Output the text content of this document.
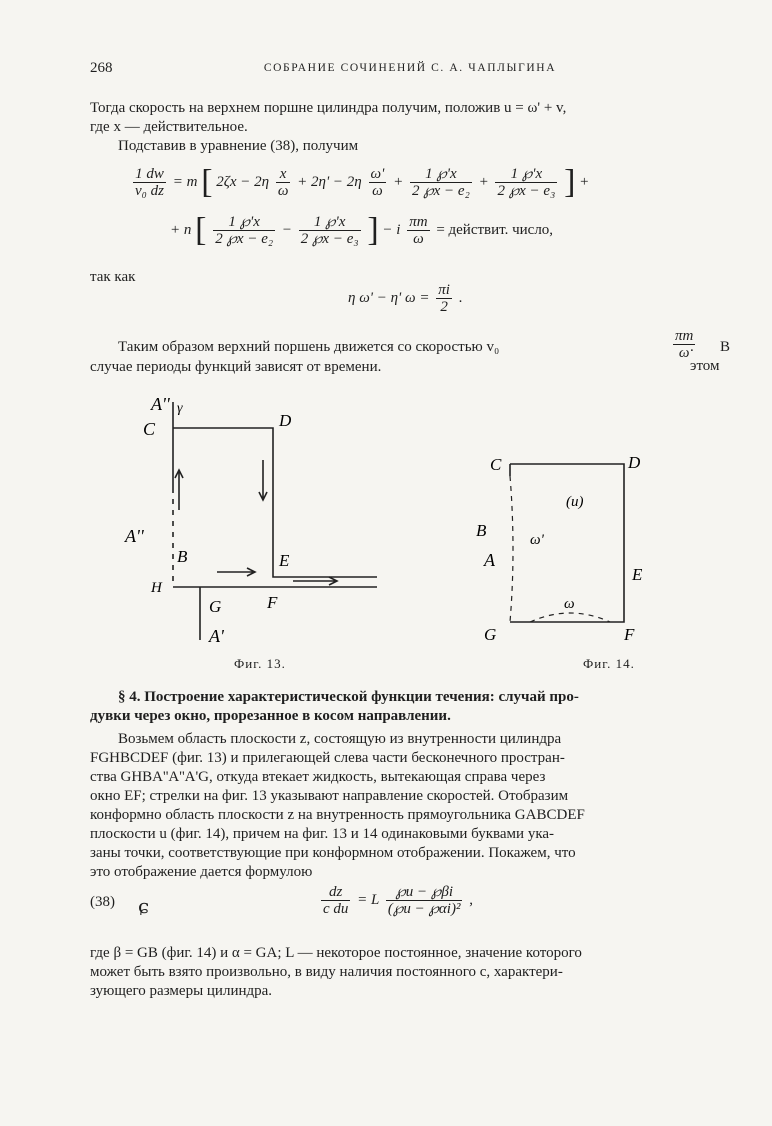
268	СОБРАНИЕ СОЧИНЕНИЙ С. А. ЧАПЛЫГИНА

Тогда скорость на верхнем поршне цилиндра получим, положив u = ω' + v,

где x — действительное.

Подставив в уравнение (38), получим

$\frac{1 dw}{\text{v₀ dz}} = m$ [ $2\zeta x - 2\eta \frac{x}{\omega} + 2\eta' - 2\eta \frac{\omega'}{\omega} + \frac{1 ℘'x}{\text{2 ℘x − e₂}} + \frac{1 ℘'x}{\text{2 ℘x − e₃}}$ ] +
+ n [ $\frac{1 ℘'x}{\text{2 ℘x − e₂}} - \frac{1 ℘'x}{\text{2 ℘x − e₃}}$ ] − i $\frac{\pi m}{\omega}$ = действит. число,
так как
η ω' − η' $\omega = \frac{\pi i}{2}$ .
Таким образом верхний поршень движется со скоростью v₀	$\frac{\pi m}{\omega}$
. В этом

случае периоды функций зависят от времени.

A'' γ
C	D
A''
B	E
H
G	F
A'
Фиг. 13.
C	D
(u)
B	ω'
A
E
ω
G	F
Фиг. 14.

§ 4. Построение характеристической функции течения: случай про-

дувки через окно, прорезанное в косом направлении.

Возьмем область плоскости z, состоящую из внутренности цилиндра

FGHBCDEF (фиг. 13) и прилегающей слева части бесконечного простран-

ства GHBA''A''A'G, откуда втекает жидкость, вытекающая справа через

окно EF; стрелки на фиг. 13 указывают направление скоростей. Отобразим

конформно область плоскости z на внутренность прямоугольника GABCDEF

плоскости u (фиг. 14), причем на фиг. 13 и 14 одинаковыми буквами ука-

заны точки, соответствующие при конформном отображении. Покажем, что

это отображение дается формулою

(38) ɕ	$\frac{dz}{\text{c du}} = L \frac{℘u - ℘\beta i}{\text{(℘u − ℘αi)²}}$ ,

где β = GB (фиг. 14) и α = GA; L — некоторое постоянное, значение которого

может быть взято произвольно, в виду наличия постоянного c, характери-

зующего размеры цилиндра.
